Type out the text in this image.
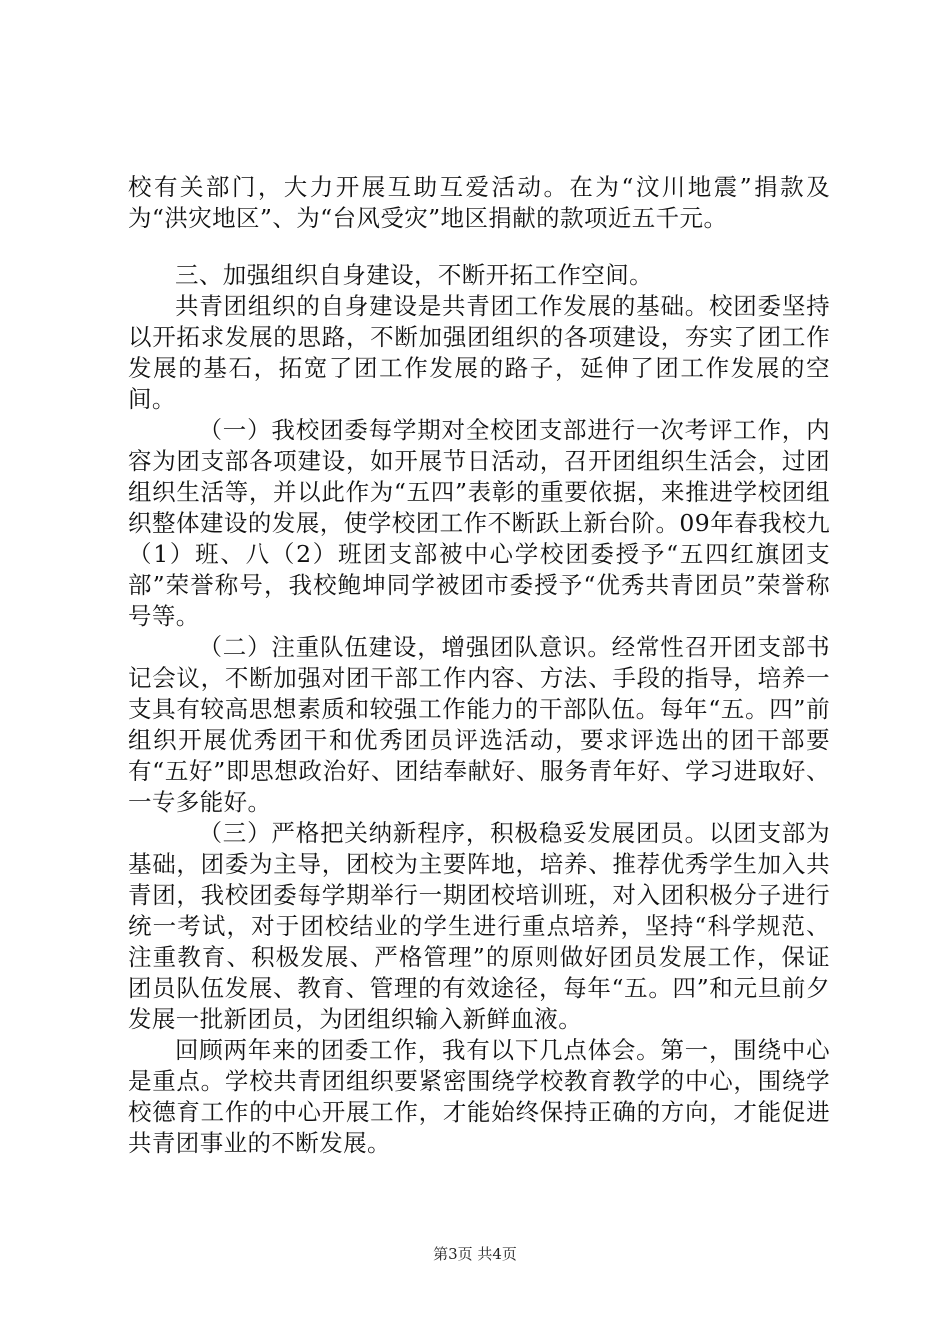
校有关部门，大力开展互助互爱活动。在为“汶川地震”捐款及为“洪灾地区”、为“台风受灾”地区捐献的款项近五千元。

三、加强组织自身建设，不断开拓工作空间。

共青团组织的自身建设是共青团工作发展的基础。校团委坚持以开拓求发展的思路，不断加强团组织的各项建设，夯实了团工作发展的基石，拓宽了团工作发展的路子，延伸了团工作发展的空间。

（一）我校团委每学期对全校团支部进行一次考评工作，内容为团支部各项建设，如开展节日活动，召开团组织生活会，过团组织生活等，并以此作为“五四”表彰的重要依据，来推进学校团组织整体建设的发展，使学校团工作不断跃上新台阶。09年春我校九（1）班、八（2）班团支部被中心学校团委授予“五四红旗团支部”荣誉称号，我校鲍坤同学被团市委授予“优秀共青团员”荣誉称号等。

（二）注重队伍建设，增强团队意识。经常性召开团支部书记会议，不断加强对团干部工作内容、方法、手段的指导，培养一支具有较高思想素质和较强工作能力的干部队伍。每年“五。四”前组织开展优秀团干和优秀团员评选活动，要求评选出的团干部要有“五好”即思想政治好、团结奉献好、服务青年好、学习进取好、一专多能好。

（三）严格把关纳新程序，积极稳妥发展团员。以团支部为基础，团委为主导，团校为主要阵地，培养、推荐优秀学生加入共青团，我校团委每学期举行一期团校培训班，对入团积极分子进行统一考试，对于团校结业的学生进行重点培养，坚持“科学规范、注重教育、积极发展、严格管理”的原则做好团员发展工作，保证团员队伍发展、教育、管理的有效途径，每年“五。四”和元旦前夕发展一批新团员，为团组织输入新鲜血液。

回顾两年来的团委工作，我有以下几点体会。第一，围绕中心是重点。学校共青团组织要紧密围绕学校教育教学的中心，围绕学校德育工作的中心开展工作，才能始终保持正确的方向，才能促进共青团事业的不断发展。

第3页 共4页
